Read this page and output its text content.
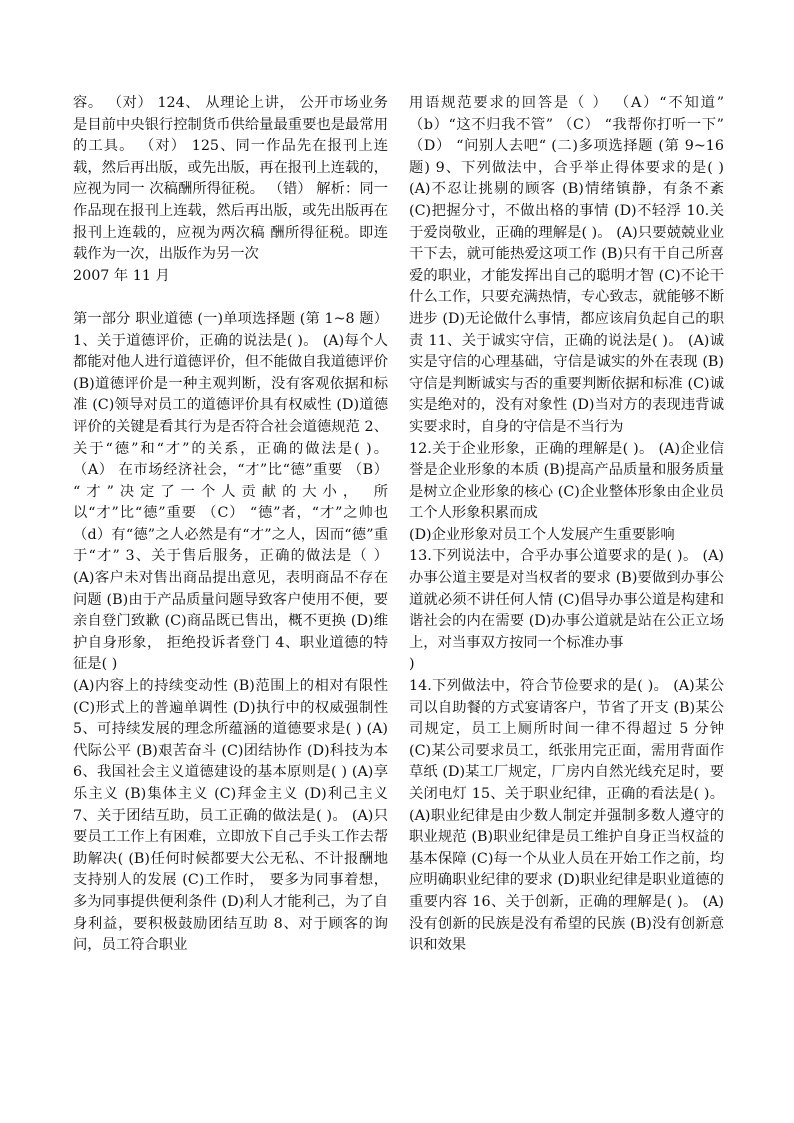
容。 （对） 124、 从理论上讲， 公开市场业务是目前中央银行控制货币供给量最重要也是最常用的工具。 （对） 125、同一作品先在报刊上连载，然后再出版，或先出版，再在报刊上连载的，应视为同一 次稿酬所得征税。 （错） 解析：同一作品现在报刊上连载，然后再出版，或先出版再在报刊上连载的，应视为两次稿 酬所得征税。即连载作为一次，出版作为另一次

2007 年 11 月

第一部分 职业道德 (一)单项选择题 (第 1~8 题） 1、关于道德评价，正确的说法是( )。 (A)每个人都能对他人进行道德评价，但不能做自我道德评价 (B)道德评价是一种主观判断，没有客观依据和标准 (C)领导对员工的道德评价具有权威性 (D)道德评价的关键是看其行为是否符合社会道德规范 2、关于“德”和“才”的关系，正确的做法是( )。 （A） 在市场经济社会，“才”比“德”重要 （B） “才”决定了一个人贡献的大小， 所以“才”比“德”重要 （C） “德”者，“才”之帅也 （d）有“德”之人必然是有“才”之人，因而“德”重于“才” 3、关于售后服务，正确的做法是（ ） (A)客户未对售出商品提出意见，表明商品不存在问题 (B)由于产品质量问题导致客户使用不便，要亲自登门致歉 (C)商品既已售出，概不更换 (D)维护自身形象， 拒绝投诉者登门 4、职业道德的特征是( )

(A)内容上的持续变动性 (B)范围上的相对有限性 (C)形式上的普遍单调性 (D)执行中的权威强制性 5、可持续发展的理念所蕴涵的道德要求是( ) (A)代际公平 (B)艰苦奋斗 (C)团结协作 (D)科技为本 6、我国社会主义道德建设的基本原则是( ) (A)享乐主义 (B)集体主义 (C)拜金主义 (D)利己主义 7、关于团结互助，员工正确的做法是( )。 (A)只要员工工作上有困难，立即放下自己手头工作去帮助解决( (B)任何时候都要大公无私、不计报酬地支持别人的发展 (C)工作时， 要多为同事着想， 多为同事提供便利条件 (D)利人才能利己，为了自身利益，要积极鼓励团结互助 8、对于顾客的询问，员工符合职业

用语规范要求的回答是（ ） （A）“不知道” （b）“这不归我不管” （C） “我帮你打听一下” （D） “问别人去吧“ (二)多项选择题 (第 9~16 题) 9、下列做法中，合乎举止得体要求的是( ) (A)不忍让挑剔的顾客 (B)情绪镇静，有条不紊 (C)把握分寸，不做出格的事情 (D)不轻浮 10.关于爱岗敬业，正确的理解是( )。 (A)只要兢兢业业干下去，就可能热爱这项工作 (B)只有干自己所喜爱的职业，才能发挥出自己的聪明才智 (C)不论干什么工作，只要充满热情，专心致志，就能够不断进步 (D)无论做什么事情，都应该肩负起自己的职责 11、关于诚实守信，正确的说法是( )。 (A)诚实是守信的心理基础，守信是诚实的外在表现 (B)守信是判断诚实与否的重要判断依据和标准 (C)诚实是绝对的，没有对象性 (D)当对方的表现违背诚实要求时，自身的守信是不当行为

12.关于企业形象，正确的理解是( )。 (A)企业信誉是企业形象的本质 (B)提高产品质量和服务质量是树立企业形象的核心 (C)企业整体形象由企业员工个人形象积累而成

(D)企业形象对员工个人发展产生重要影响

13.下列说法中，合乎办事公道要求的是( )。 (A)办事公道主要是对当权者的要求 (B)要做到办事公道就必须不讲任何人情 (C)倡导办事公道是构建和谐社会的内在需要 (D)办事公道就是站在公正立场上，对当事双方按同一个标准办事

)

14.下列做法中，符合节俭要求的是( )。 (A)某公司以自助餐的方式宴请客户，节省了开支 (B)某公司规定，员工上厕所时间一律不得超过 5 分钟 (C)某公司要求员工，纸张用完正面，需用背面作草纸 (D)某工厂规定，厂房内自然光线充足时，要关闭电灯 15、关于职业纪律，正确的看法是( )。 (A)职业纪律是由少数人制定并强制多数人遵守的职业规范 (B)职业纪律是员工维护自身正当权益的基本保障 (C)每一个从业人员在开始工作之前，均应明确职业纪律的要求 (D)职业纪律是职业道德的重要内容 16、关于创新，正确的理解是( )。 (A)没有创新的民族是没有希望的民族 (B)没有创新意识和效果
